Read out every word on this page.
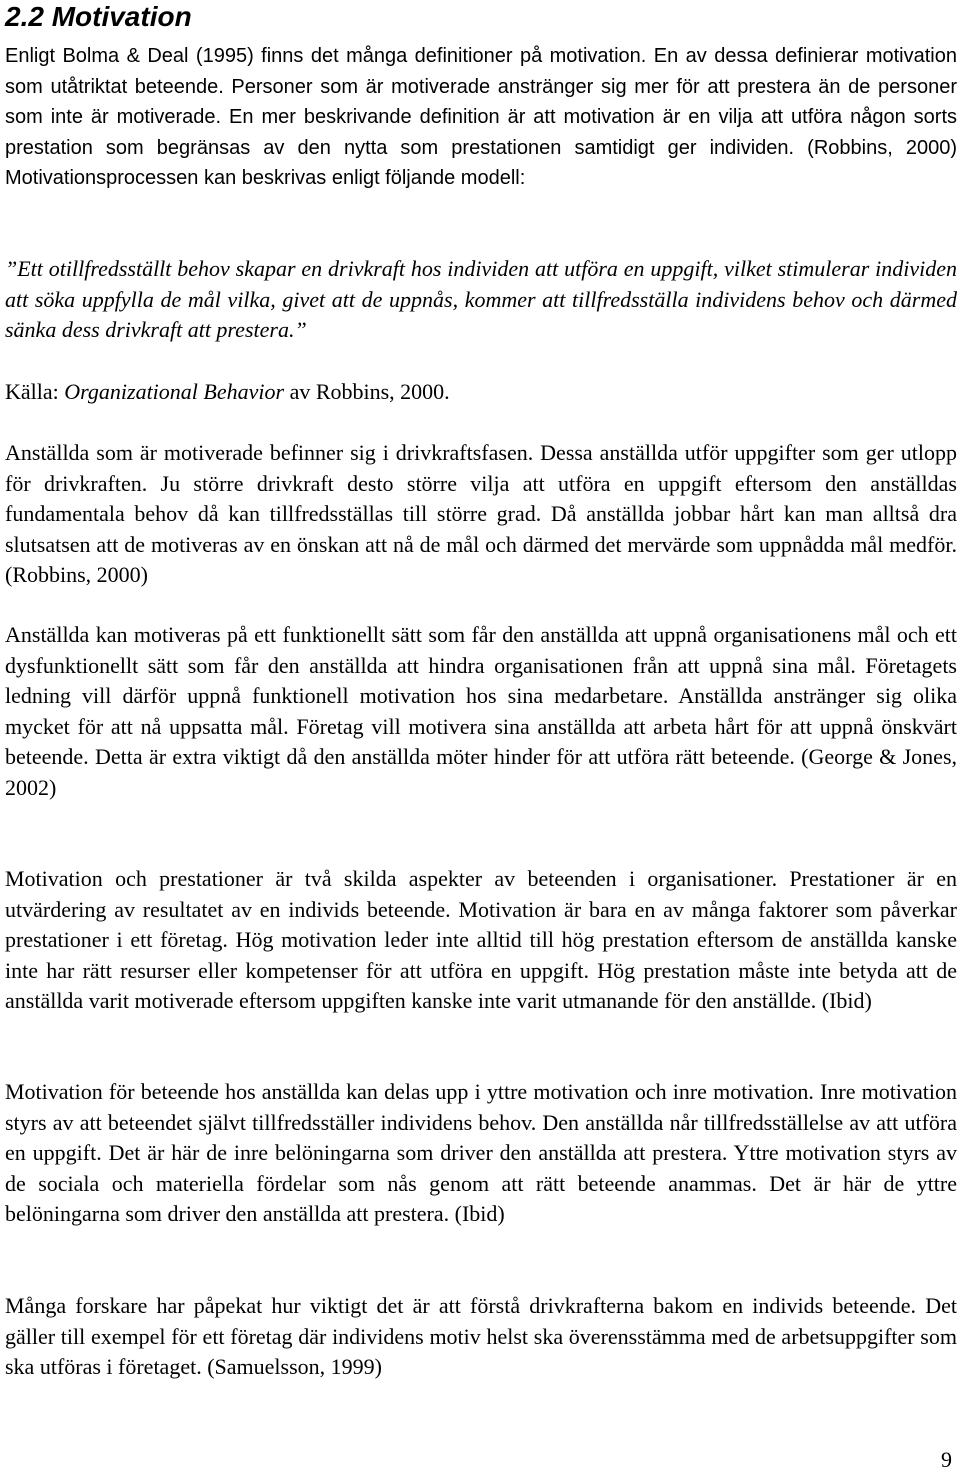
2.2 Motivation

Enligt Bolma & Deal (1995) finns det många definitioner på motivation. En av dessa definierar motivation som utåtriktat beteende. Personer som är motiverade anstränger sig mer för att prestera än de personer som inte är motiverade. En mer beskrivande definition är att motivation är en vilja att utföra någon sorts prestation som begränsas av den nytta som prestationen samtidigt ger individen. (Robbins, 2000) Motivationsprocessen kan beskrivas enligt följande modell:

”Ett otillfredsställt behov skapar en drivkraft hos individen att utföra en uppgift, vilket stimulerar individen att söka uppfylla de mål vilka, givet att de uppnås, kommer att tillfredsställa individens behov och därmed sänka dess drivkraft att prestera.”

Källa: Organizational Behavior av Robbins, 2000.

Anställda som är motiverade befinner sig i drivkraftsfasen. Dessa anställda utför uppgifter som ger utlopp för drivkraften. Ju större drivkraft desto större vilja att utföra en uppgift eftersom den anställdas fundamentala behov då kan tillfredsställas till större grad. Då anställda jobbar hårt kan man alltså dra slutsatsen att de motiveras av en önskan att nå de mål och därmed det mervärde som uppnådda mål medför. (Robbins, 2000)

Anställda kan motiveras på ett funktionellt sätt som får den anställda att uppnå organisationens mål och ett dysfunktionellt sätt som får den anställda att hindra organisationen från att uppnå sina mål. Företagets ledning vill därför uppnå funktionell motivation hos sina medarbetare. Anställda anstränger sig olika mycket för att nå uppsatta mål. Företag vill motivera sina anställda att arbeta hårt för att uppnå önskvärt beteende. Detta är extra viktigt då den anställda möter hinder för att utföra rätt beteende. (George & Jones, 2002)

Motivation och prestationer är två skilda aspekter av beteenden i organisationer. Prestationer är en utvärdering av resultatet av en individs beteende. Motivation är bara en av många faktorer som påverkar prestationer i ett företag. Hög motivation leder inte alltid till hög prestation eftersom de anställda kanske inte har rätt resurser eller kompetenser för att utföra en uppgift. Hög prestation måste inte betyda att de anställda varit motiverade eftersom uppgiften kanske inte varit utmanande för den anställde. (Ibid)

Motivation för beteende hos anställda kan delas upp i yttre motivation och inre motivation. Inre motivation styrs av att beteendet självt tillfredsställer individens behov. Den anställda når tillfredsställelse av att utföra en uppgift. Det är här de inre belöningarna som driver den anställda att prestera. Yttre motivation styrs av de sociala och materiella fördelar som nås genom att rätt beteende anammas. Det är här de yttre belöningarna som driver den anställda att prestera. (Ibid)

Många forskare har påpekat hur viktigt det är att förstå drivkrafterna bakom en individs beteende. Det gäller till exempel för ett företag där individens motiv helst ska överensstämma med de arbetsuppgifter som ska utföras i företaget. (Samuelsson, 1999)

9
